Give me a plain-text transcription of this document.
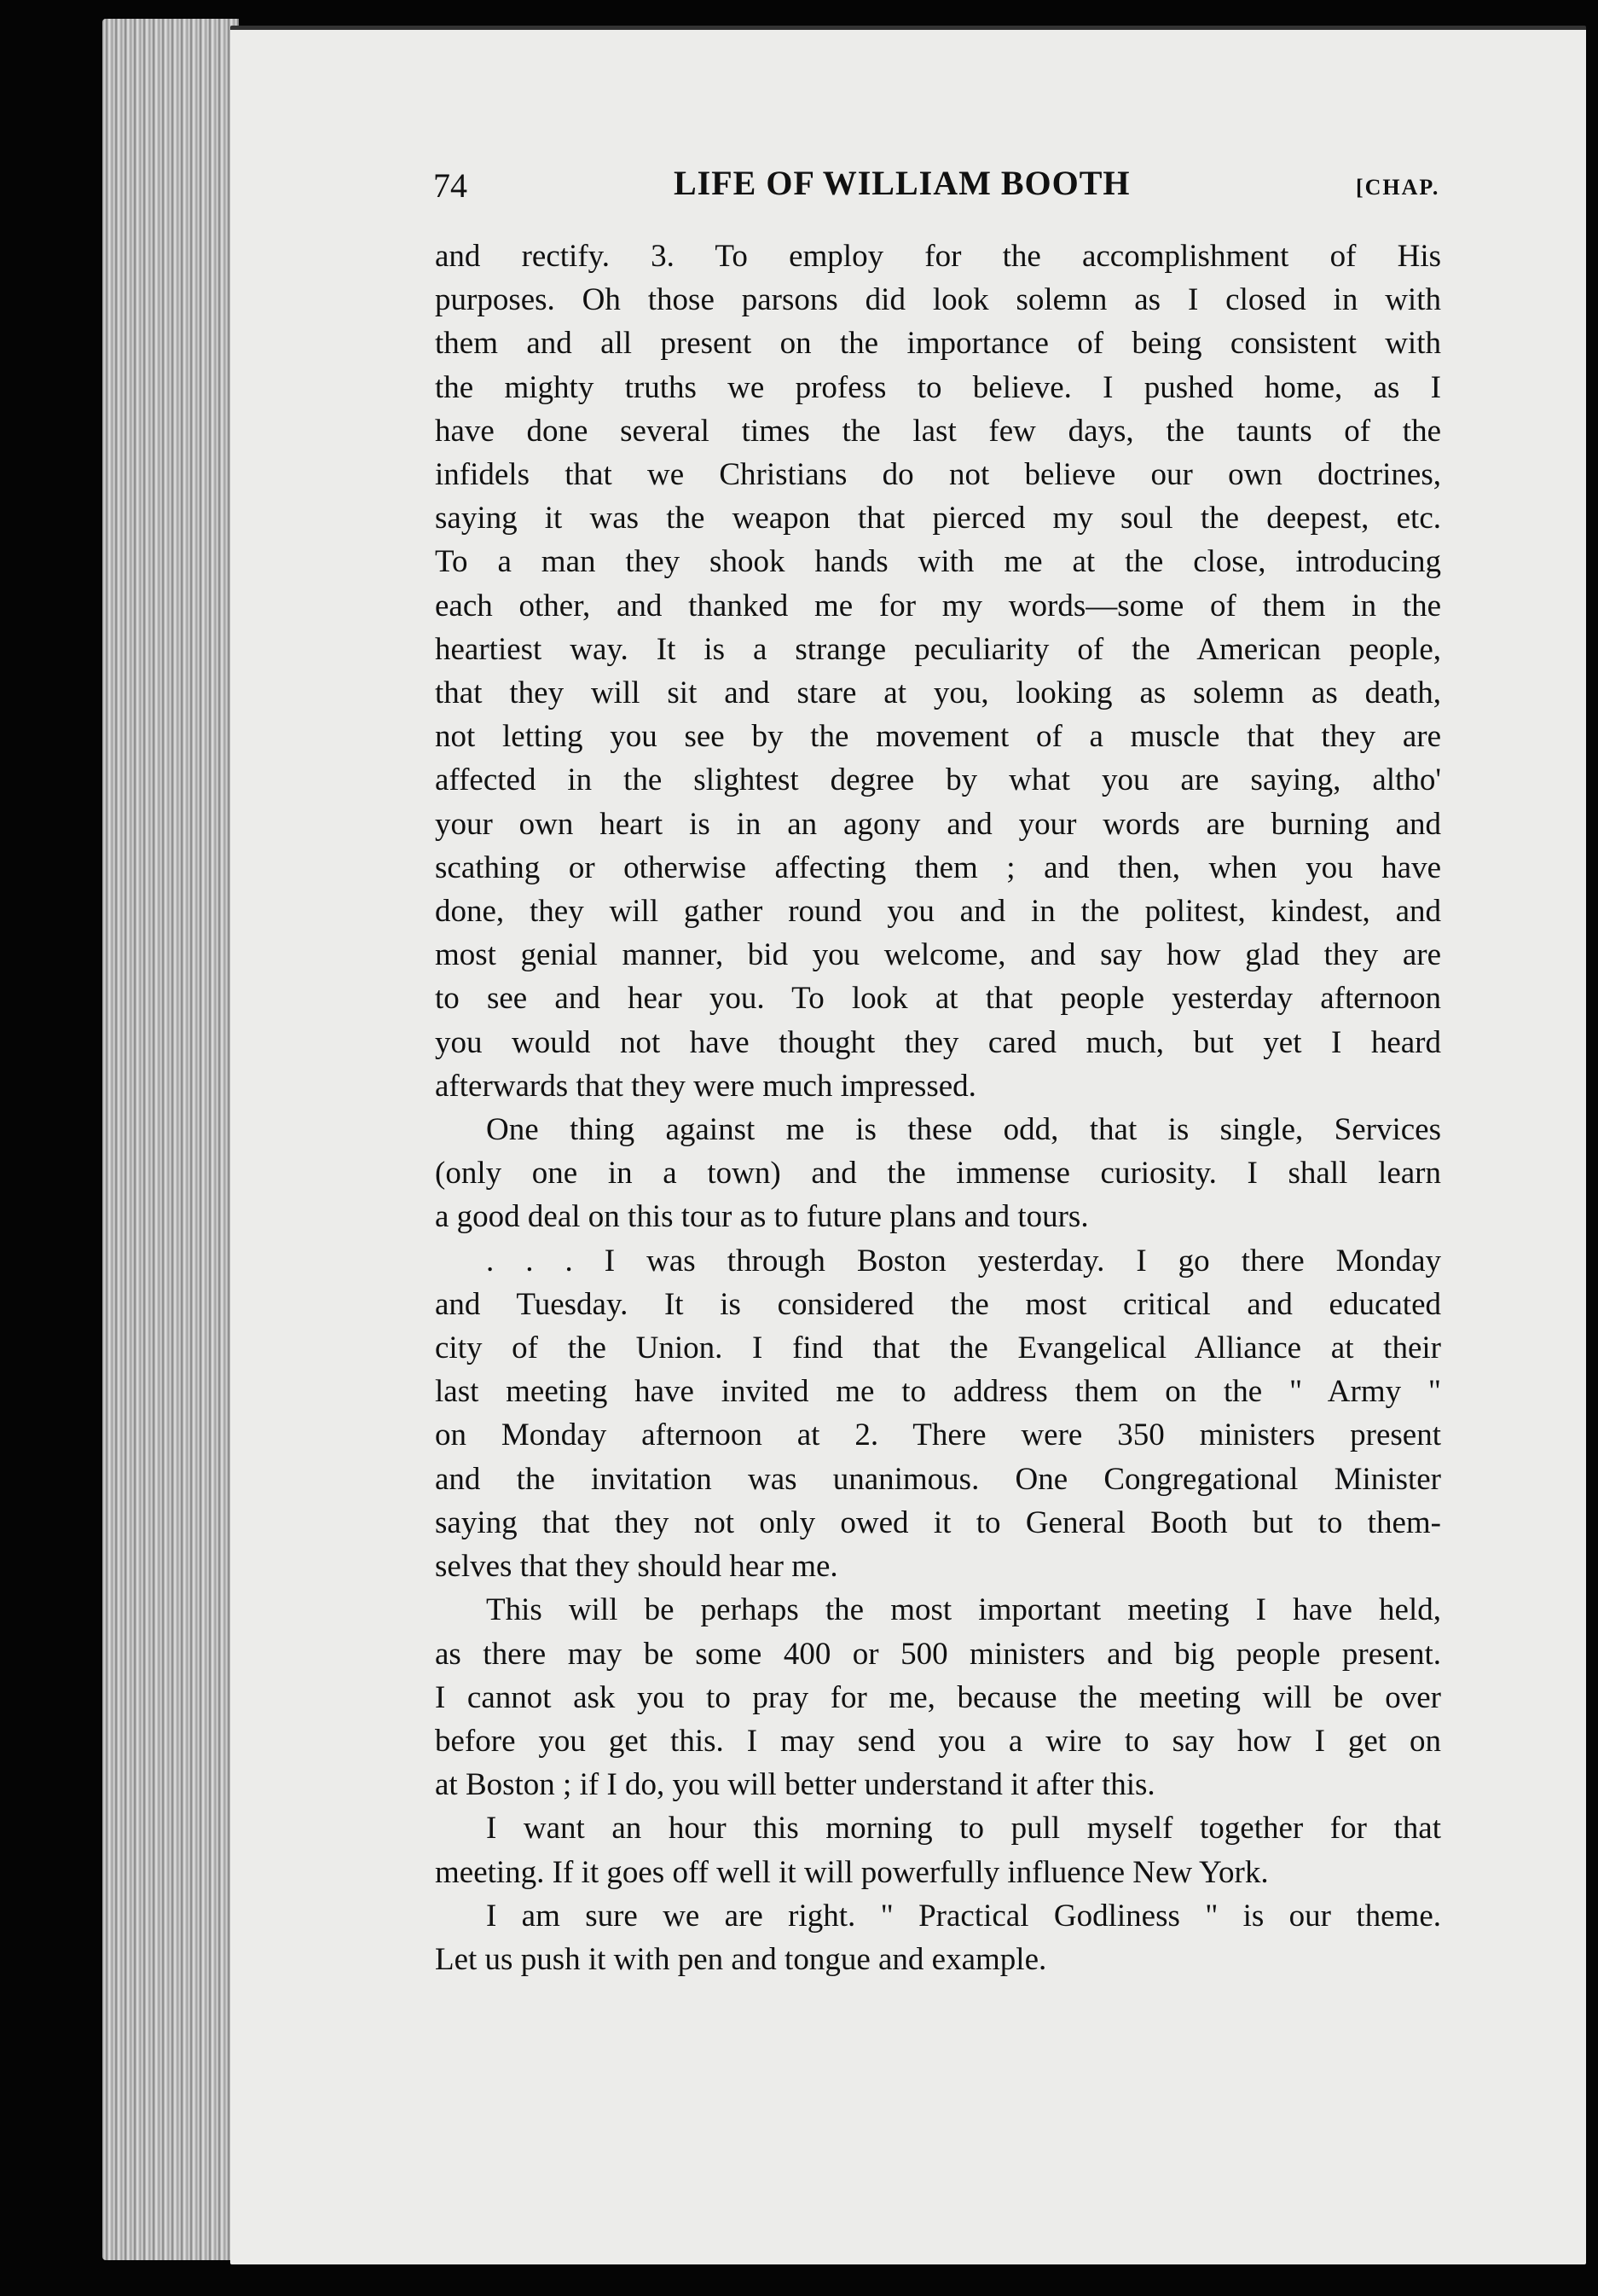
74	LIFE OF WILLIAM BOOTH	[CHAP.

and rectify. 3. To employ for the accomplishment of His
purposes. Oh those parsons did look solemn as I closed in with
them and all present on the importance of being consistent with
the mighty truths we profess to believe. I pushed home, as I
have done several times the last few days, the taunts of the
infidels that we Christians do not believe our own doctrines,
saying it was the weapon that pierced my soul the deepest, etc.
To a man they shook hands with me at the close, introducing
each other, and thanked me for my words—some of them in the
heartiest way. It is a strange peculiarity of the American people,
that they will sit and stare at you, looking as solemn as death,
not letting you see by the movement of a muscle that they are
affected in the slightest degree by what you are saying, altho'
your own heart is in an agony and your words are burning and
scathing or otherwise affecting them ; and then, when you have
done, they will gather round you and in the politest, kindest, and
most genial manner, bid you welcome, and say how glad they are
to see and hear you. To look at that people yesterday afternoon
you would not have thought they cared much, but yet I heard
afterwards that they were much impressed.

One thing against me is these odd, that is single, Services
(only one in a town) and the immense curiosity. I shall learn
a good deal on this tour as to future plans and tours.

. . . I was through Boston yesterday. I go there Monday
and Tuesday. It is considered the most critical and educated
city of the Union. I find that the Evangelical Alliance at their
last meeting have invited me to address them on the " Army "
on Monday afternoon at 2. There were 350 ministers present
and the invitation was unanimous. One Congregational Minister
saying that they not only owed it to General Booth but to them-
selves that they should hear me.

This will be perhaps the most important meeting I have held,
as there may be some 400 or 500 ministers and big people present.
I cannot ask you to pray for me, because the meeting will be over
before you get this. I may send you a wire to say how I get on
at Boston ; if I do, you will better understand it after this.

I want an hour this morning to pull myself together for that
meeting. If it goes off well it will powerfully influence New York.

I am sure we are right. " Practical Godliness " is our theme.
Let us push it with pen and tongue and example.
